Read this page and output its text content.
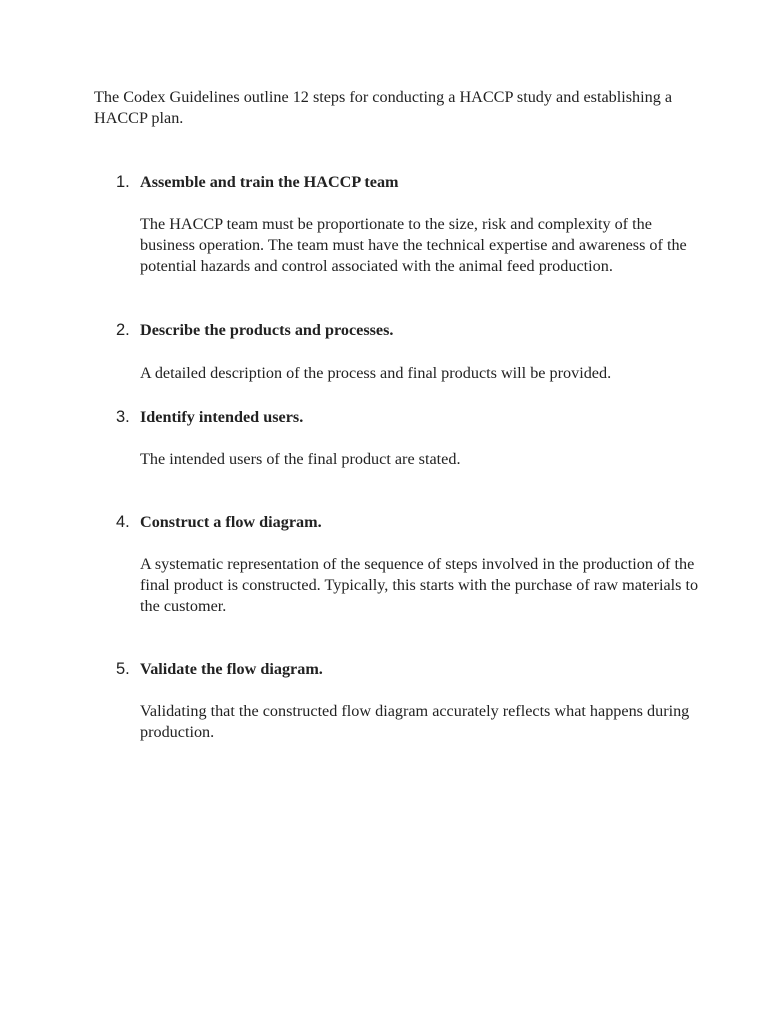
The Codex Guidelines outline 12 steps for conducting a HACCP study and establishing a HACCP plan.
1. Assemble and train the HACCP team
The HACCP team must be proportionate to the size, risk and complexity of the business operation. The team must have the technical expertise and awareness of the potential hazards and control associated with the animal feed production.
2. Describe the products and processes.
A detailed description of the process and final products will be provided.
3. Identify intended users.
The intended users of the final product are stated.
4. Construct a flow diagram.
A systematic representation of the sequence of steps involved in the production of the final product is constructed. Typically, this starts with the purchase of raw materials to the customer.
5. Validate the flow diagram.
Validating that the constructed flow diagram accurately reflects what happens during production.
